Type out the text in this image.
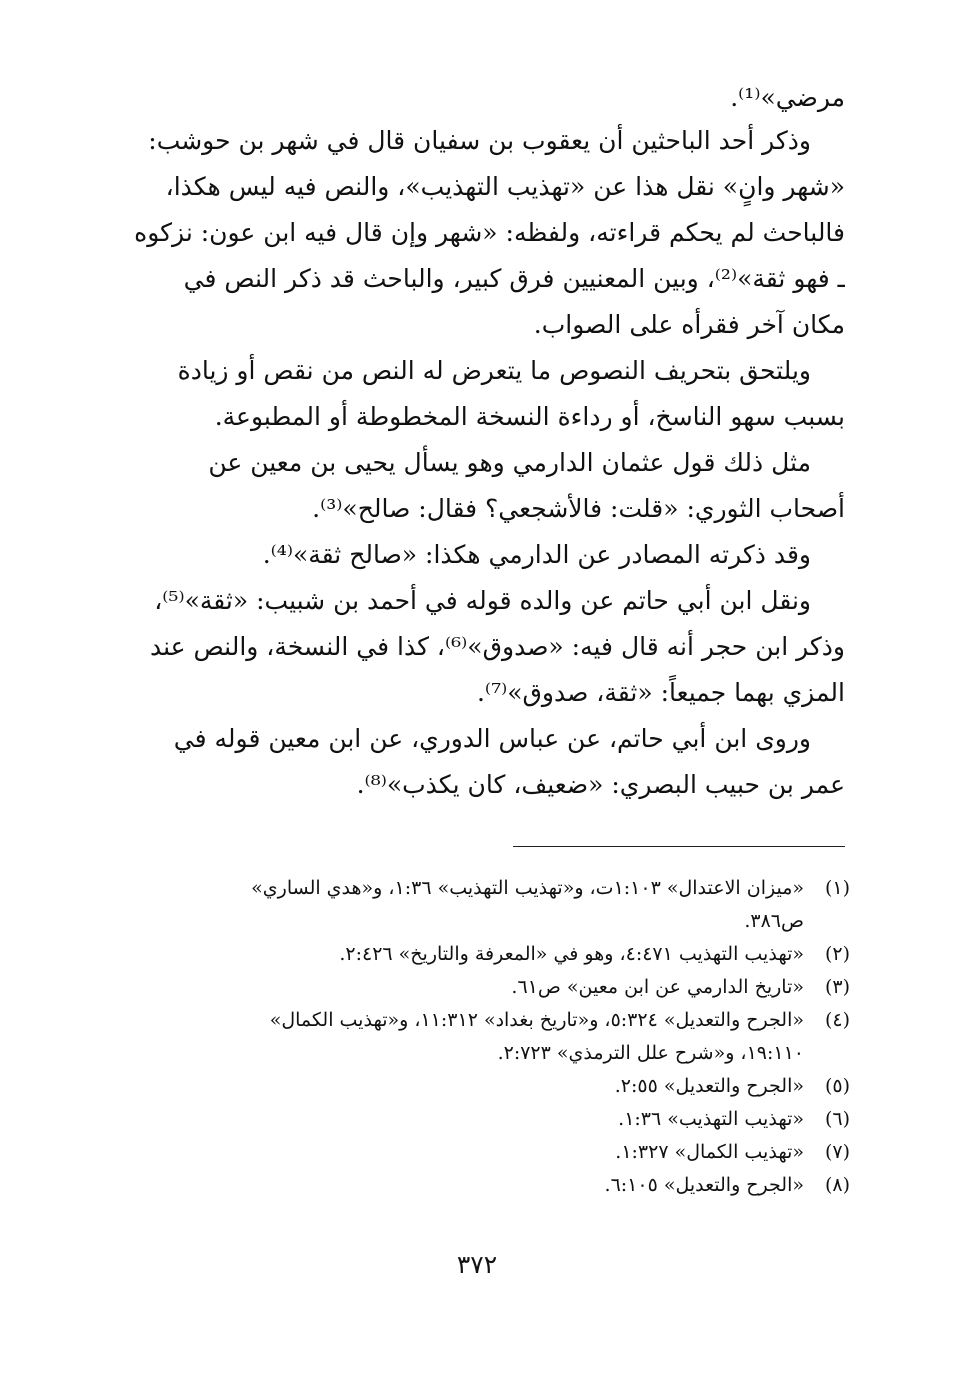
مرضي»⁽¹⁾.
وذكر أحد الباحثين أن يعقوب بن سفيان قال في شهر بن حوشب:
«شهر وانٍ» نقل هذا عن «تهذيب التهذيب»، والنص فيه ليس هكذا،
فالباحث لم يحكم قراءته، ولفظه: «شهر وإن قال فيه ابن عون: نزكوه
ـ فهو ثقة»⁽²⁾، وبين المعنيين فرق كبير، والباحث قد ذكر النص في
مكان آخر فقرأه على الصواب.
ويلتحق بتحريف النصوص ما يتعرض له النص من نقص أو زيادة
بسبب سهو الناسخ، أو رداءة النسخة المخطوطة أو المطبوعة.
مثل ذلك قول عثمان الدارمي وهو يسأل يحيى بن معين عن
أصحاب الثوري: «قلت: فالأشجعي؟ فقال: صالح»⁽³⁾.
وقد ذكرته المصادر عن الدارمي هكذا: «صالح ثقة»⁽⁴⁾.
ونقل ابن أبي حاتم عن والده قوله في أحمد بن شبيب: «ثقة»⁽⁵⁾،
وذكر ابن حجر أنه قال فيه: «صدوق»⁽⁶⁾، كذا في النسخة، والنص عند
المزي بهما جميعاً: «ثقة، صدوق»⁽⁷⁾.
وروى ابن أبي حاتم، عن عباس الدوري، عن ابن معين قوله في
عمر بن حبيب البصري: «ضعيف، كان يكذب»⁽⁸⁾.
(١)
«ميزان الاعتدال» ١:١٠٣ت، و«تهذيب التهذيب» ١:٣٦، و«هدي الساري»
ص٣٨٦.
(٢)
«تهذيب التهذيب ٤:٤٧١، وهو في «المعرفة والتاريخ» ٢:٤٢٦.
(٣)
«تاريخ الدارمي عن ابن معين» ص٦١.
(٤)
«الجرح والتعديل» ٥:٣٢٤، و«تاريخ بغداد» ١١:٣١٢، و«تهذيب الكمال»
١٩:١١٠، و«شرح علل الترمذي» ٢:٧٢٣.
(٥)
«الجرح والتعديل» ٢:٥٥.
(٦)
«تهذيب التهذيب» ١:٣٦.
(٧)
«تهذيب الكمال» ١:٣٢٧.
(٨)
«الجرح والتعديل» ٦:١٠٥.
٣٧٢
